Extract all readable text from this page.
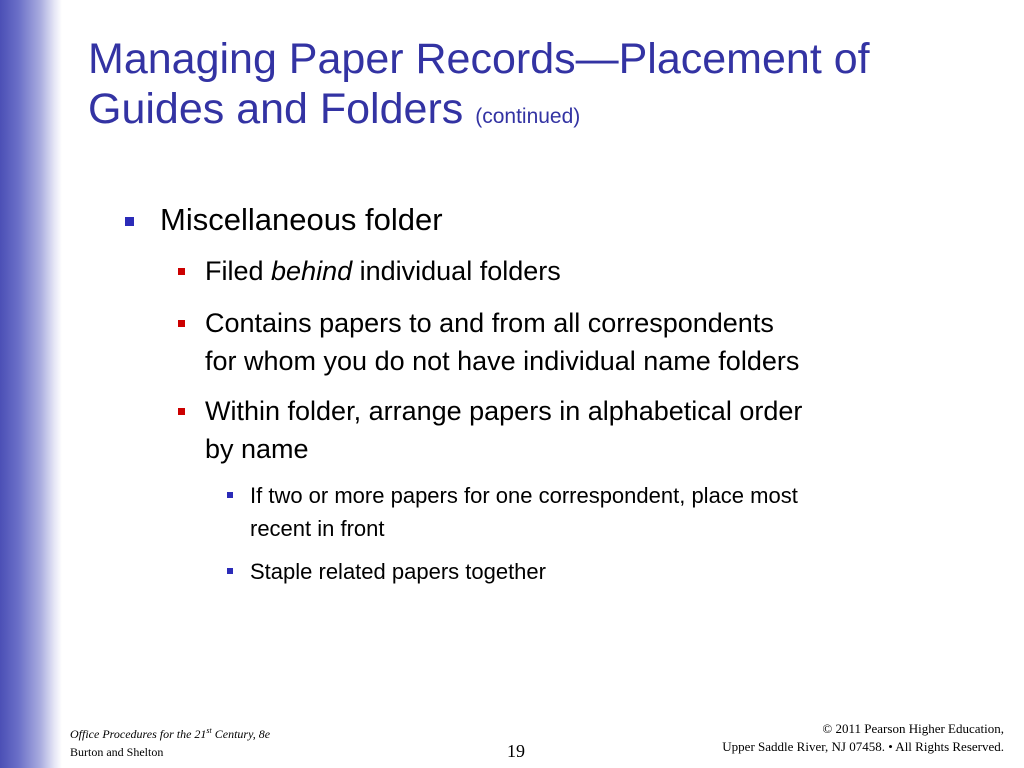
Managing Paper Records—Placement of Guides and Folders (continued)
Miscellaneous folder
Filed behind individual folders
Contains papers to and from all correspondents
for whom you do not have individual name folders
Within folder, arrange papers in alphabetical order
by name
If two or more papers for one correspondent, place most
recent in front
Staple related papers together
Office Procedures for the 21st Century, 8e
Burton and Shelton	19
© 2011 Pearson Higher Education,
Upper Saddle River, NJ 07458. • All Rights Reserved.
